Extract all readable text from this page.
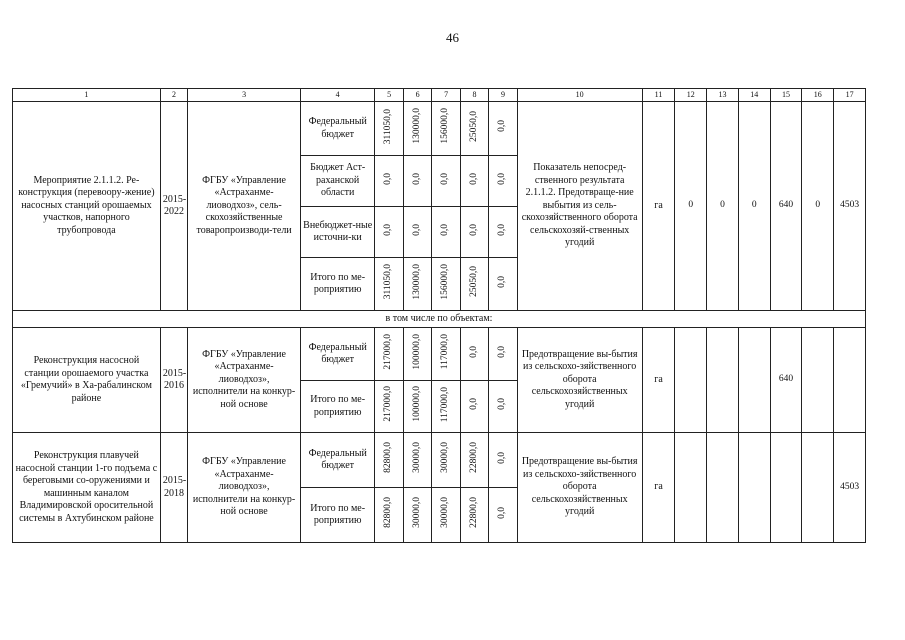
46
1	2	3	4	5	6	7	8	9	10	11	12	13	14	15	16	17
Мероприятие 2.1.1.2. Ре-конструкция (перевоору-жение) насосных станций орошаемых участков, напорного трубопровода	2015-2022	ФГБУ «Управление «Астраханме-лиоводхоз», сель-скохозяйственные товаропроизводи-тели	Федеральный бюджет	311050,0	130000,0	156000,0	25050,0	0,0	Показатель непосред-ственного результата 2.1.1.2. Предотвраще-ние выбытия из сель-скохозяйственного оборота сельскохозяй-ственных угодий	га	0	0	0	640	0	4503
			Бюджет Аст-раханской области	0,0	0,0	0,0	0,0	0,0								
			Внебюджет-ные источни-ки	0,0	0,0	0,0	0,0	0,0								
			Итого по ме-роприятию	311050,0	130000,0	156000,0	25050,0	0,0								
в том числе по объектам:																
Реконструкция насосной станции орошаемого участка «Гремучий» в Ха-рабалинском районе	2015-2016	ФГБУ «Управление «Астраханме-лиоводхоз», исполнители на конкур-ной основе	Федеральный бюджет	217000,0	100000,0	117000,0	0,0	0,0	Предотвращение вы-бытия из сельскохо-зяйственного оборота сельскохозяйственных угодий	га				640		
			Итого по ме-роприятию	217000,0	100000,0	117000,0	0,0	0,0								
Реконструкция плавучей насосной станции 1-го подъема с береговыми со-оружениями и машинным каналом Владимировской оросительной системы в Ахтубинском районе	2015-2018	ФГБУ «Управление «Астраханме-лиоводхоз», исполнители на конкур-ной основе	Федеральный бюджет	82800,0	30000,0	30000,0	22800,0	0,0	Предотвращение вы-бытия из сельскохо-зяйственного оборота сельскохозяйственных угодий	га						4503
			Итого по ме-роприятию	82800,0	30000,0	30000,0	22800,0	0,0								
